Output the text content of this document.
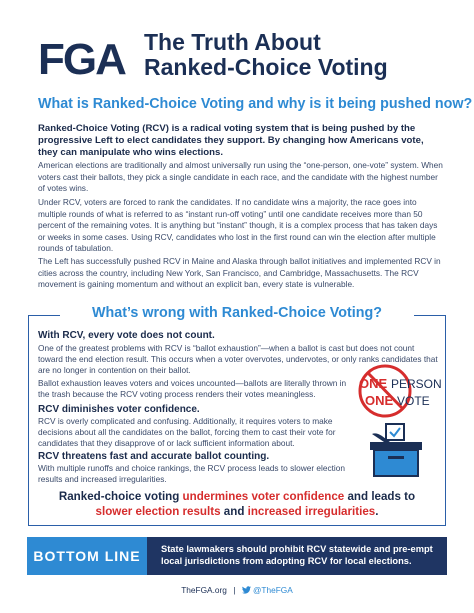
FGA The Truth About
Ranked-Choice Voting
What is Ranked-Choice Voting and why is it being pushed now?
Ranked-Choice Voting (RCV) is a radical voting system that is being pushed by the progressive Left to elect candidates they support. By changing how Americans vote, they can manipulate who wins elections.
American elections are traditionally and almost universally run using the “one-person, one-vote” system. When voters cast their ballots, they pick a single candidate in each race, and the candidate with the highest number of votes wins.
Under RCV, voters are forced to rank the candidates. If no candidate wins a majority, the race goes into multiple rounds of what is referred to as “instant run-off voting” until one candidate receives more than 50 percent of the remaining votes. It is anything but “instant” though, it is a complex process that has taken days or weeks in some cases. Using RCV, candidates who lost in the first round can win the election after multiple rounds of tabulation.
The Left has successfully pushed RCV in Maine and Alaska through ballot initiatives and implemented RCV in cities across the country, including New York, San Francisco, and Cambridge, Massachusetts. The RCV movement is gaining momentum and without an explicit ban, every state is vulnerable.
What’s wrong with Ranked-Choice Voting?
With RCV, every vote does not count.
One of the greatest problems with RCV is “ballot exhaustion”—when a ballot is cast but does not count toward the end election result. This occurs when a voter overvotes, undervotes, or only ranks candidates that are no longer in contention on their ballot.
Ballot exhaustion leaves voters and voices uncounted—ballots are literally thrown in the trash because the RCV voting process renders their votes meaningless.
RCV diminishes voter confidence.
RCV is overly complicated and confusing. Additionally, it requires voters to make decisions about all the candidates on the ballot, forcing them to cast their vote for candidates that they disapprove of or lack sufficient information about.
RCV threatens fast and accurate ballot counting.
With multiple runoffs and choice rankings, the RCV process leads to slower election results and increased irregularities.
ONE PERSON
ONE VOTE
Ranked-choice voting undermines voter confidence and leads to slower election results and increased irregularities.
BOTTOM LINE	State lawmakers should prohibit RCV statewide and pre-empt local jurisdictions from adopting RCV for local elections.
TheFGA.org | @TheFGA
